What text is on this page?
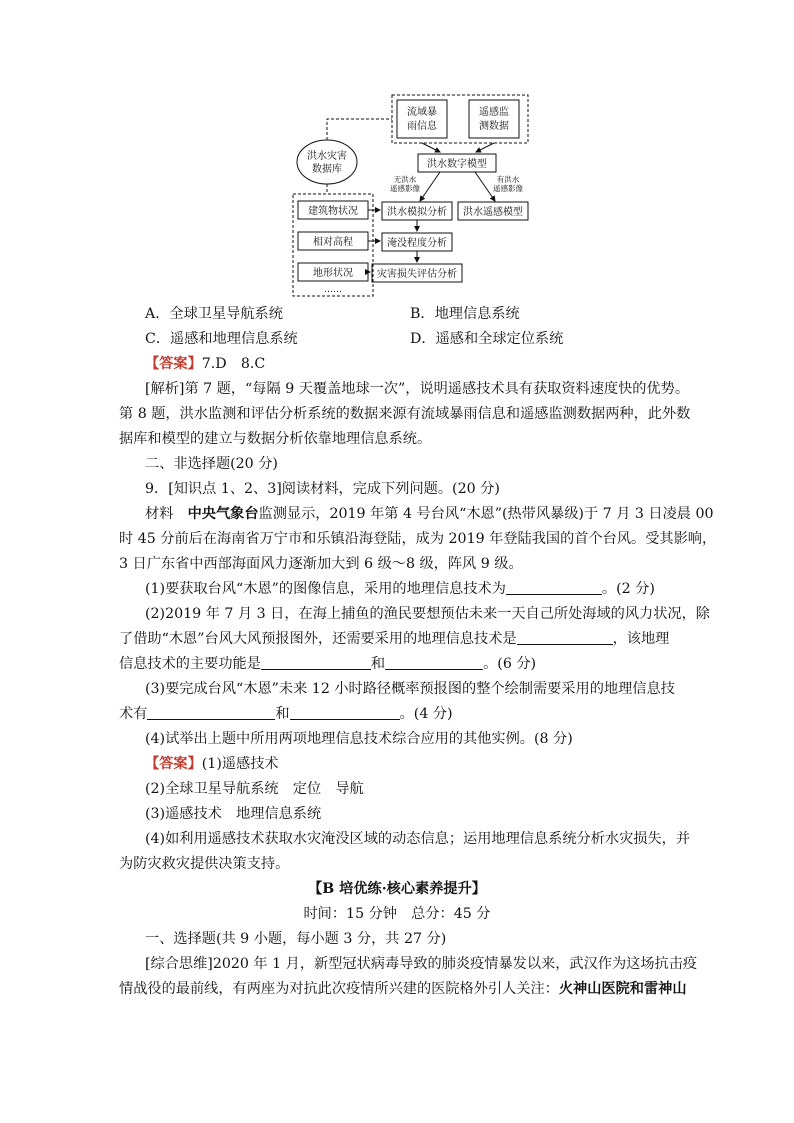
流域暴
雨信息
遥感监
测数据
洪水数字模型
洪水灾害
数据库
无洪水
遥感影像
有洪水
遥感影像
建筑物状况
相对高程
地形状况
……
洪水模拟分析 洪水遥感模型
淹没程度分析
灾害损失评估分析
A．全球卫星导航系统	B．地理信息系统
C．遥感和地理信息系统	D．遥感和全球定位系统
【答案】7.D　8.C
[解析]第 7 题，“每隔 9 天覆盖地球一次”，说明遥感技术具有获取资料速度快的优势。
第 8 题，洪水监测和评估分析系统的数据来源有流域暴雨信息和遥感监测数据两种，此外数
据库和模型的建立与数据分析依靠地理信息系统。
二、非选择题(20 分)
9．[知识点 1、2、3]阅读材料，完成下列问题。(20 分)
材料　中央气象台监测显示，2019 年第 4 号台风“木恩”(热带风暴级)于 7 月 3 日凌晨 00
时 45 分前后在海南省万宁市和乐镇沿海登陆，成为 2019 年登陆我国的首个台风。受其影响，
3 日广东省中西部海面风力逐渐加大到 6 级～8 级，阵风 9 级。
(1)要获取台风“木恩”的图像信息，采用的地理信息技术为	。(2 分)
(2)2019 年 7 月 3 日，在海上捕鱼的渔民要想预估未来一天自己所处海域的风力状况，除
了借助“木恩”台风大风预报图外，还需要采用的地理信息技术是	，该地理
信息技术的主要功能是	和	。(6 分)
(3)要完成台风“木恩”未来 12 小时路径概率预报图的整个绘制需要采用的地理信息技
术有	和	。(4 分)
(4)试举出上题中所用两项地理信息技术综合应用的其他实例。(8 分)
【答案】(1)遥感技术
(2)全球卫星导航系统　定位　导航
(3)遥感技术　地理信息系统
(4)如利用遥感技术获取水灾淹没区域的动态信息；运用地理信息系统分析水灾损失，并
为防灾救灾提供决策支持。
【B 培优练·核心素养提升】
时间：15 分钟　总分：45 分
一、选择题(共 9 小题，每小题 3 分，共 27 分)
[综合思维]2020 年 1 月，新型冠状病毒导致的肺炎疫情暴发以来，武汉作为这场抗击疫
情战役的最前线，有两座为对抗此次疫情所兴建的医院格外引人关注：火神山医院和雷神山
